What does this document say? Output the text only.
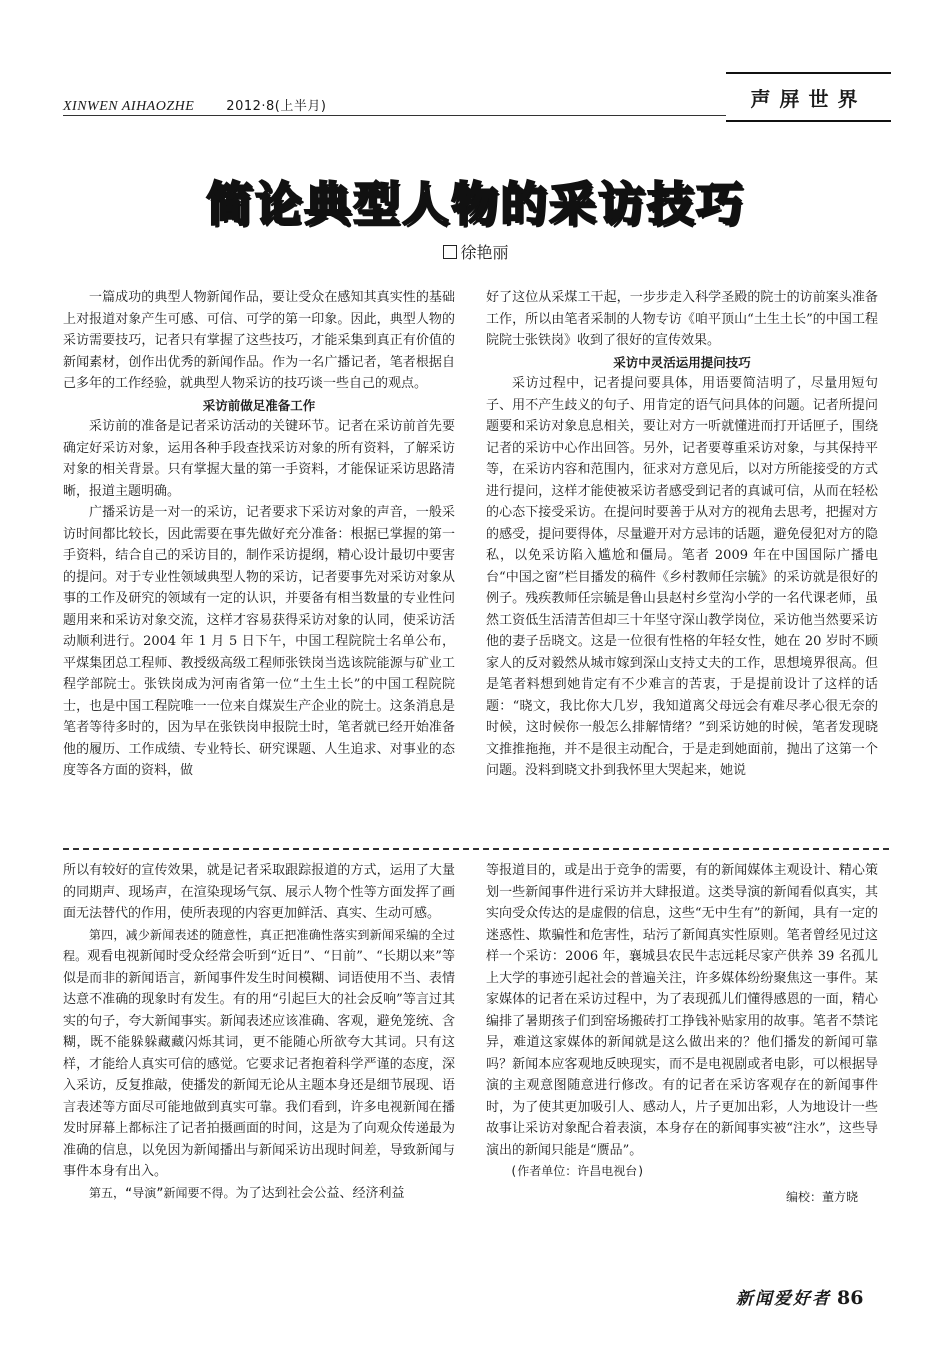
XINWEN AIHAOZHE 2012·8(上半月)	声屏世界
简论典型人物的采访技巧
徐艳丽

一篇成功的典型人物新闻作品，要让受众在感知其真实性的基础上对报道对象产生可感、可信、可学的第一印象。因此，典型人物的采访需要技巧，记者只有掌握了这些技巧，才能采集到真正有价值的新闻素材，创作出优秀的新闻作品。作为一名广播记者，笔者根据自己多年的工作经验，就典型人物采访的技巧谈一些自己的观点。

采访前做足准备工作

采访前的准备是记者采访活动的关键环节。记者在采访前首先要确定好采访对象，运用各种手段查找采访对象的所有资料，了解采访对象的相关背景。只有掌握大量的第一手资料，才能保证采访思路清晰，报道主题明确。

广播采访是一对一的采访，记者要求下采访对象的声音，一般采访时间都比较长，因此需要在事先做好充分准备：根据已掌握的第一手资料，结合自己的采访目的，制作采访提纲，精心设计最切中要害的提问。对于专业性领域典型人物的采访，记者要事先对采访对象从事的工作及研究的领域有一定的认识，并要备有相当数量的专业性问题用来和采访对象交流，这样才容易获得采访对象的认同，使采访活动顺利进行。2004 年 1 月 5 日下午，中国工程院院士名单公布，平煤集团总工程师、教授级高级工程师张铁岗当选该院能源与矿业工程学部院士。张铁岗成为河南省第一位“土生土长”的中国工程院院士，也是中国工程院唯一一位来自煤炭生产企业的院士。这条消息是笔者等待多时的，因为早在张铁岗申报院士时，笔者就已经开始准备他的履历、工作成绩、专业特长、研究课题、人生追求、对事业的态度等各方面的资料，做

好了这位从采煤工干起，一步步走入科学圣殿的院士的访前案头准备工作，所以由笔者采制的人物专访《咱平顶山“土生土长”的中国工程院院士张铁岗》收到了很好的宣传效果。

采访中灵活运用提问技巧

采访过程中，记者提问要具体，用语要简洁明了，尽量用短句子、用不产生歧义的句子、用肯定的语气问具体的问题。记者所提问题要和采访对象息息相关，要让对方一听就懂进而打开话匣子，围绕记者的采访中心作出回答。另外，记者要尊重采访对象，与其保持平等，在采访内容和范围内，征求对方意见后，以对方所能接受的方式进行提问，这样才能使被采访者感受到记者的真诚可信，从而在轻松的心态下接受采访。在提问时要善于从对方的视角去思考，把握对方的感受，提问要得体，尽量避开对方忌讳的话题，避免侵犯对方的隐私，以免采访陷入尴尬和僵局。笔者 2009 年在中国国际广播电台“中国之窗”栏目播发的稿件《乡村教师任宗毓》的采访就是很好的例子。残疾教师任宗毓是鲁山县赵村乡堂沟小学的一名代课老师，虽然工资低生活清苦但却三十年坚守深山教学岗位，采访他当然要采访他的妻子岳晓文。这是一位很有性格的年轻女性，她在 20 岁时不顾家人的反对毅然从城市嫁到深山支持丈夫的工作，思想境界很高。但是笔者料想到她肯定有不少难言的苦衷，于是提前设计了这样的话题：“晓文，我比你大几岁，我知道离父母远会有难尽孝心很无奈的时候，这时候你一般怎么排解情绪？”到采访她的时候，笔者发现晓文推推拖拖，并不是很主动配合，于是走到她面前，抛出了这第一个问题。没料到晓文扑到我怀里大哭起来，她说

所以有较好的宣传效果，就是记者采取跟踪报道的方式，运用了大量的同期声、现场声，在渲染现场气氛、展示人物个性等方面发挥了画面无法替代的作用，使所表现的内容更加鲜活、真实、生动可感。

第四，减少新闻表述的随意性，真正把准确性落实到新闻采编的全过程。观看电视新闻时受众经常会听到“近日”、“日前”、“长期以来”等似是而非的新闻语言，新闻事件发生时间模糊、词语使用不当、表情达意不准确的现象时有发生。有的用“引起巨大的社会反响”等言过其实的句子，夸大新闻事实。新闻表述应该准确、客观，避免笼统、含糊，既不能躲躲藏藏闪烁其词，更不能随心所欲夸大其词。只有这样，才能给人真实可信的感觉。它要求记者抱着科学严谨的态度，深入采访，反复推敲，使播发的新闻无论从主题本身还是细节展现、语言表述等方面尽可能地做到真实可靠。我们看到，许多电视新闻在播发时屏幕上都标注了记者拍摄画面的时间，这是为了向观众传递最为准确的信息，以免因为新闻播出与新闻采访出现时间差，导致新闻与事件本身有出入。

第五，“导演”新闻要不得。为了达到社会公益、经济利益

等报道目的，或是出于竞争的需要，有的新闻媒体主观设计、精心策划一些新闻事件进行采访并大肆报道。这类导演的新闻看似真实，其实向受众传达的是虚假的信息，这些“无中生有”的新闻，具有一定的迷惑性、欺骗性和危害性，玷污了新闻真实性原则。笔者曾经见过这样一个采访：2006 年，襄城县农民牛志远耗尽家产供养 39 名孤儿上大学的事迹引起社会的普遍关注，许多媒体纷纷聚焦这一事件。某家媒体的记者在采访过程中，为了表现孤儿们懂得感恩的一面，精心编排了暑期孩子们到窑场搬砖打工挣钱补贴家用的故事。笔者不禁诧异，难道这家媒体的新闻就是这么做出来的？他们播发的新闻可靠吗？新闻本应客观地反映现实，而不是电视剧或者电影，可以根据导演的主观意图随意进行修改。有的记者在采访客观存在的新闻事件时，为了使其更加吸引人、感动人，片子更加出彩，人为地设计一些故事让采访对象配合着表演，本身存在的新闻事实被“注水”，这些导演出的新闻只能是“赝品”。

(作者单位：许昌电视台)

编校：董方晓

新闻爱好者 86
